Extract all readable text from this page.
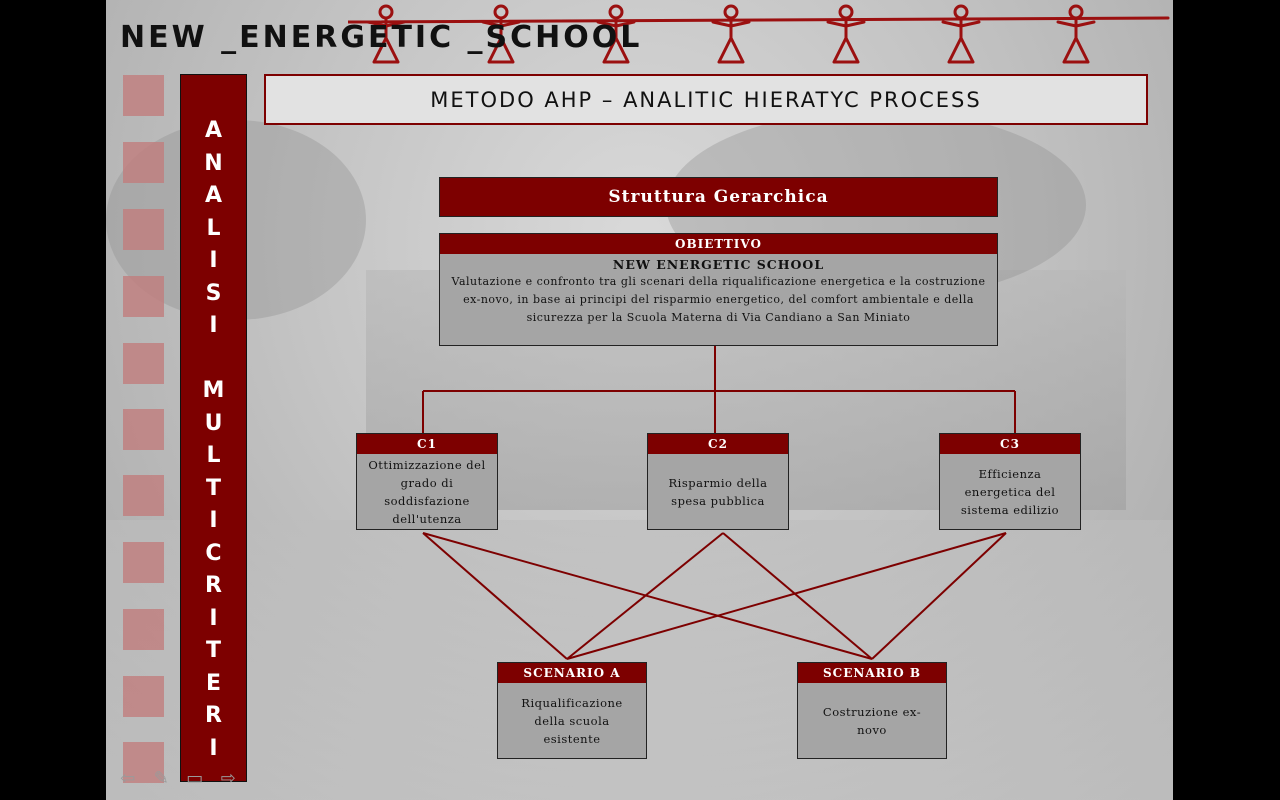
NEW _ENERGETIC _SCHOOL
A
N
A
L
I
S
I

M
U
L
T
I
C
R
I
T
E
R
I
METODO AHP – ANALITIC HIERATYC PROCESS
Struttura Gerarchica
OBIETTIVO
NEW ENERGETIC SCHOOL
Valutazione e confronto tra gli scenari della riqualificazione energetica e la costruzione ex-novo, in base ai principi del risparmio energetico, del comfort ambientale e della sicurezza per la Scuola Materna di Via Candiano a San Miniato
C1
Ottimizzazione del grado di soddisfazione dell'utenza
C2
Risparmio della spesa pubblica
C3
Efficienza energetica del sistema edilizio
SCENARIO A
Riqualificazione della scuola esistente
SCENARIO B
Costruzione ex- novo
⇦ ✎ ▭ ⇨
